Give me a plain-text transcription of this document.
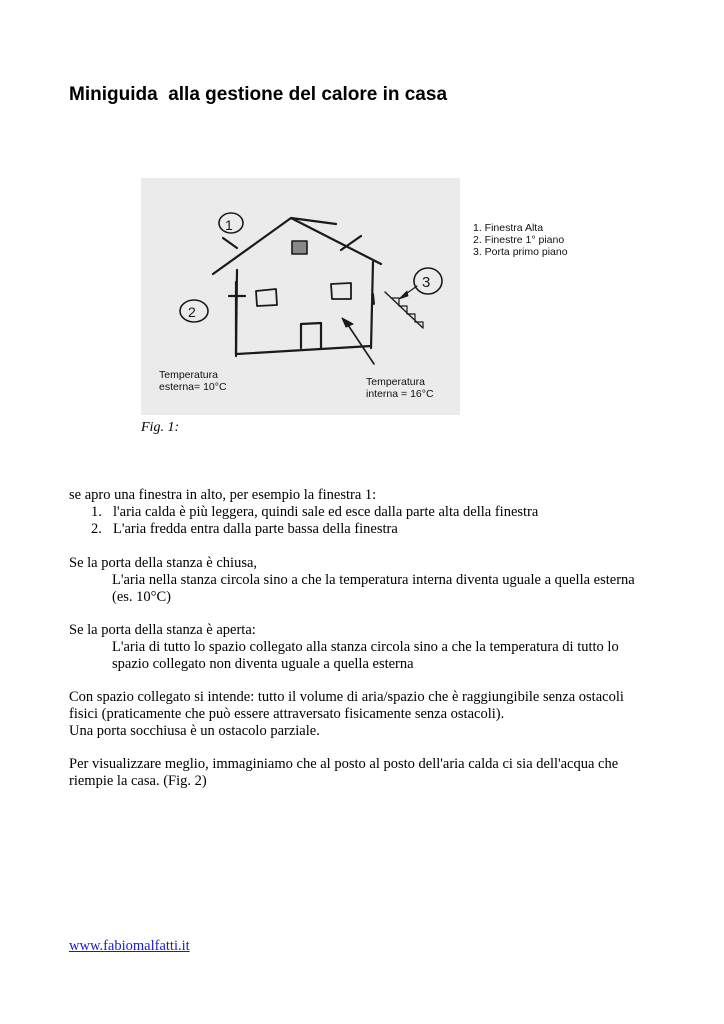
Miniguida  alla gestione del calore in casa
1
2
3
Temperatura
esterna= 10°C	Temperatura
interna = 16°C
1. Finestra Alta
2. Finestre 1° piano
3. Porta primo piano
Fig. 1:
se apro una finestra in alto, per esempio la finestra 1:
1. l'aria calda è più leggera, quindi sale ed esce dalla parte alta della finestra
2. L'aria fredda entra dalla parte bassa della finestra
Se la porta della stanza è chiusa,
L'aria nella stanza circola sino a che la temperatura interna diventa uguale a quella esterna (es. 10°C)
Se la porta della stanza è aperta:
L'aria di tutto lo spazio collegato alla stanza circola sino a che la temperatura di tutto lo spazio collegato non diventa uguale a quella esterna
Con spazio collegato si intende: tutto il volume di aria/spazio che è raggiungibile senza ostacoli fisici (praticamente che può essere attraversato fisicamente senza ostacoli).
Una porta socchiusa è un ostacolo parziale.
Per visualizzare meglio, immaginiamo che al posto al posto dell'aria calda ci sia dell'acqua che riempie la casa. (Fig. 2)
www.fabiomalfatti.it
